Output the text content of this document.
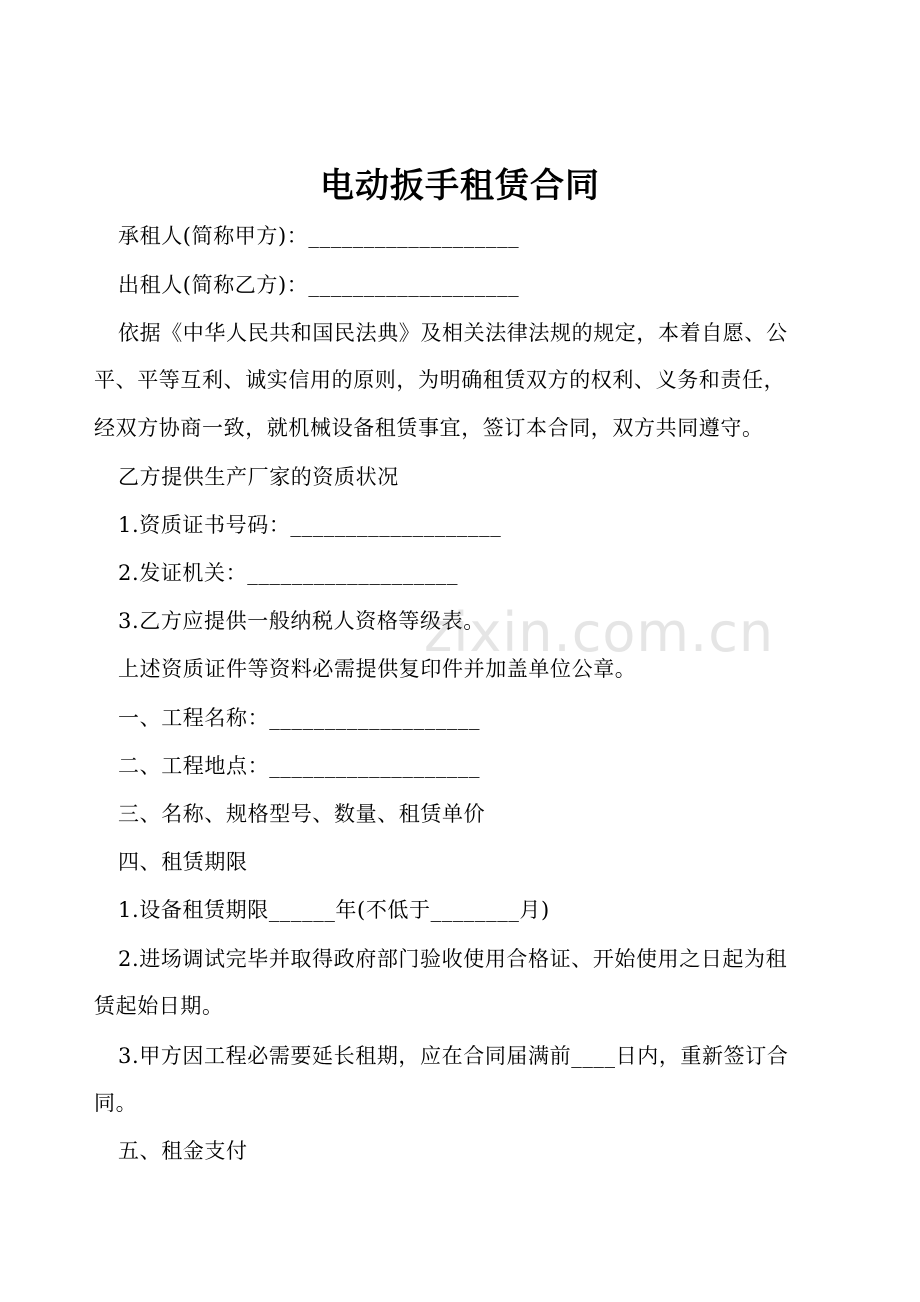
电动扳手租赁合同
承租人(简称甲方)：___________________
出租人(简称乙方)：___________________
依据《中华人民共和国民法典》及相关法律法规的规定，本着自愿、公
平、平等互利、诚实信用的原则，为明确租赁双方的权利、义务和责任，
经双方协商一致，就机械设备租赁事宜，签订本合同，双方共同遵守。
乙方提供生产厂家的资质状况
1.资质证书号码：___________________
2.发证机关：___________________
3.乙方应提供一般纳税人资格等级表。
上述资质证件等资料必需提供复印件并加盖单位公章。
一、工程名称：___________________
二、工程地点：___________________
三、名称、规格型号、数量、租赁单价
四、租赁期限
1.设备租赁期限______年(不低于________月)
2.进场调试完毕并取得政府部门验收使用合格证、开始使用之日起为租
赁起始日期。
3.甲方因工程必需要延长租期，应在合同届满前____日内，重新签订合
同。
五、租金支付
zixin.com.cn
